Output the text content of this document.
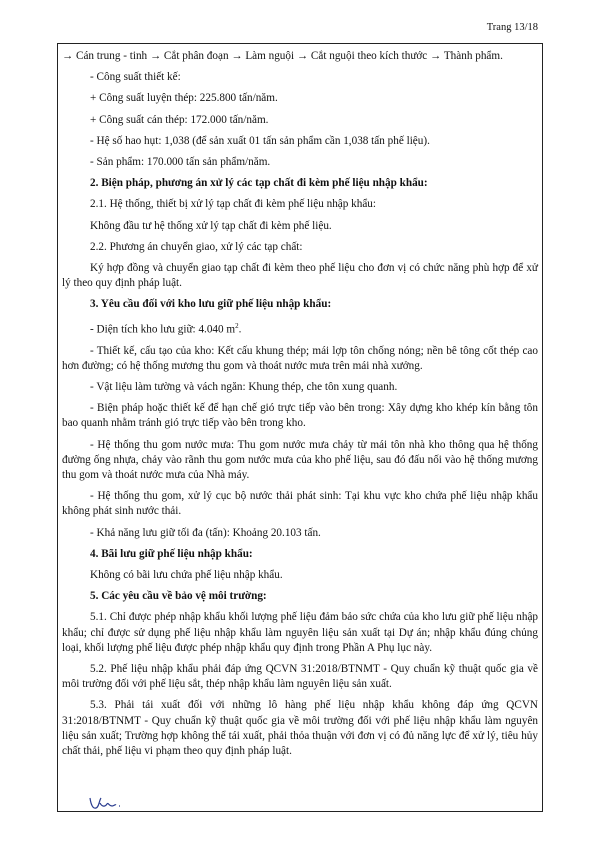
Trang 13/18

→ Cán trung - tinh → Cắt phân đoạn → Làm nguội → Cắt nguội theo kích thước → Thành phẩm.

- Công suất thiết kế:

+ Công suất luyện thép: 225.800 tấn/năm.

+ Công suất cán thép: 172.000 tấn/năm.

- Hệ số hao hụt: 1,038 (để sản xuất 01 tấn sản phẩm cần 1,038 tấn phế liệu).

- Sản phẩm: 170.000 tấn sản phẩm/năm.

2. Biện pháp, phương án xử lý các tạp chất đi kèm phế liệu nhập khẩu:

2.1. Hệ thống, thiết bị xử lý tạp chất đi kèm phế liệu nhập khẩu:

Không đầu tư hệ thống xử lý tạp chất đi kèm phế liệu.

2.2. Phương án chuyển giao, xử lý các tạp chất:

Ký hợp đồng và chuyển giao tạp chất đi kèm theo phế liệu cho đơn vị có chức năng phù hợp để xử lý theo quy định pháp luật.

3. Yêu cầu đối với kho lưu giữ phế liệu nhập khẩu:

- Diện tích kho lưu giữ: 4.040 $m^2$.

- Thiết kế, cấu tạo của kho: Kết cấu khung thép; mái lợp tôn chống nóng; nền bê tông cốt thép cao hơn đường; có hệ thống mương thu gom và thoát nước mưa trên mái nhà xưởng.

- Vật liệu làm tường và vách ngăn: Khung thép, che tôn xung quanh.

- Biện pháp hoặc thiết kế để hạn chế gió trực tiếp vào bên trong: Xây dựng kho khép kín bằng tôn bao quanh nhằm tránh gió trực tiếp vào bên trong kho.

- Hệ thống thu gom nước mưa: Thu gom nước mưa chảy từ mái tôn nhà kho thông qua hệ thống đường ống nhựa, chảy vào rãnh thu gom nước mưa của kho phế liệu, sau đó đấu nối vào hệ thống mương thu gom và thoát nước mưa của Nhà máy.

- Hệ thống thu gom, xử lý cục bộ nước thải phát sinh: Tại khu vực kho chứa phế liệu nhập khẩu không phát sinh nước thải.

- Khả năng lưu giữ tối đa (tấn): Khoảng 20.103 tấn.

4. Bãi lưu giữ phế liệu nhập khẩu:

Không có bãi lưu chứa phế liệu nhập khẩu.

5. Các yêu cầu về bảo vệ môi trường:

5.1. Chỉ được phép nhập khẩu khối lượng phế liệu đảm bảo sức chứa của kho lưu giữ phế liệu nhập khẩu; chỉ được sử dụng phế liệu nhập khẩu làm nguyên liệu sản xuất tại Dự án; nhập khẩu đúng chủng loại, khối lượng phế liệu được phép nhập khẩu quy định trong Phần A Phụ lục này.

5.2. Phế liệu nhập khẩu phải đáp ứng QCVN 31:2018/BTNMT - Quy chuẩn kỹ thuật quốc gia về môi trường đối với phế liệu sắt, thép nhập khẩu làm nguyên liệu sản xuất.

5.3. Phải tái xuất đối với những lô hàng phế liệu nhập khẩu không đáp ứng QCVN 31:2018/BTNMT - Quy chuẩn kỹ thuật quốc gia về môi trường đối với phế liệu nhập khẩu làm nguyên liệu sản xuất; Trường hợp không thể tái xuất, phải thỏa thuận với đơn vị có đủ năng lực để xử lý, tiêu hủy chất thải, phế liệu vi phạm theo quy định pháp luật.
